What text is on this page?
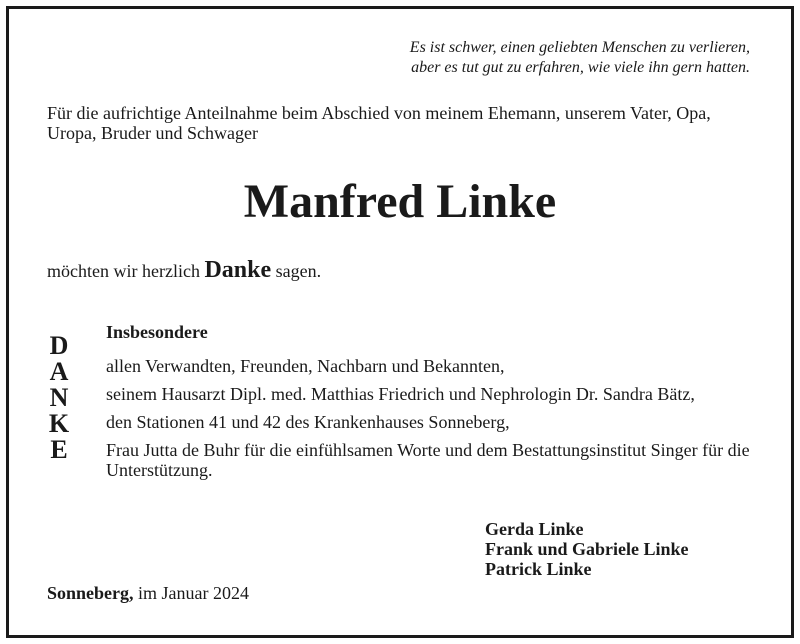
Es ist schwer, einen geliebten Menschen zu verlieren,
aber es tut gut zu erfahren, wie viele ihn gern hatten.
Für die aufrichtige Anteilnahme beim Abschied von meinem Ehemann, unserem Vater, Opa, Uropa, Bruder und Schwager
Manfred Linke
möchten wir herzlich Danke sagen.
D
A
N
K
E
Insbesondere
allen Verwandten, Freunden, Nachbarn und Bekannten,
seinem Hausarzt Dipl. med. Matthias Friedrich und Nephrologin Dr. Sandra Bätz,
den Stationen 41 und 42 des Krankenhauses Sonneberg,
Frau Jutta de Buhr für die einfühlsamen Worte und dem Bestattungsinstitut Singer für die Unterstützung.
Gerda Linke
Frank und Gabriele Linke
Patrick Linke
Sonneberg, im Januar 2024
